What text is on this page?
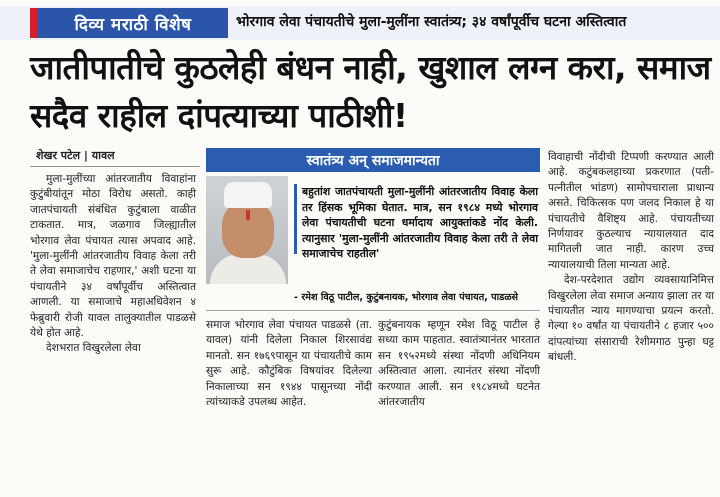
दिव्य मराठी विशेष	भोरगाव लेवा पंचायतीचे मुला-मुलींना स्वातंत्र्य; ३४ वर्षांपूर्वीच घटना अस्तित्वात
जातीपातीचे कुठलेही बंधन नाही, खुशाल लग्न करा, समाज सदैव राहील दांपत्याच्या पाठीशी!
शेखर पटेल | यावल

मुला-मुलींच्या आंतरजातीय विवाहांना कुटुंबीयांतून मोठा विरोध असतो. काही जातपंचायती संबंधित कुटुंबाला वाळीत टाकतात. मात्र, जळगाव जिल्ह्यातील भोरगाव लेवा पंचायत त्यास अपवाद आहे. 'मुला-मुलींनी आंतरजातीय विवाह केला तरी ते लेवा समाजाचेच राहणार,' अशी घटना या पंचायतीने ३४ वर्षांपूर्वीच अस्तित्वात आणली. या समाजाचे महाअधिवेशन ४ फेब्रुवारी रोजी यावल तालुक्यातील पाडळसे येथे होत आहे.

देशभरात विखुरलेला लेवा

स्वातंत्र्य अन् समाजमान्यता
बहुतांश जातपंचायती मुला-मुलींनी आंतरजातीय विवाह केला तर हिंसक भूमिका घेतात. मात्र, सन १९८४ मध्ये भोरगाव लेवा पंचायतीची घटना धर्मादाय आयुक्तांकडे नोंद केली. त्यानुसार 'मुला-मुलींनी आंतरजातीय विवाह केला तरी ते लेवा समाजाचेच राहतील'
- रमेश विठू पाटील, कुटुंबनायक, भोरगाव लेवा पंचायत, पाडळसे

समाज भोरगाव लेवा पंचायत पाडळसे (ता. यावल) यांनी दिलेला निकाल शिरसावंद्य मानतो. सन १७६९पासून या पंचायतीचे काम सुरू आहे. कौटुंबिक विषयांवर दिलेल्या निकालाच्या सन १९४४ पासूनच्या नोंदी त्यांच्याकडे उपलब्ध आहेत.

कुटुंबनायक म्हणून रमेश विठू पाटील हे सध्या काम पाहतात. स्वातंत्र्यानंतर भारतात सन १९५२मध्ये संस्था नोंदणी अधिनियम अस्तित्वात आला. त्यानंतर संस्था नोंदणी करण्यात आली. सन १९८४मध्ये घटनेत आंतरजातीय

विवाहाची नोंदीची टिप्पणी करण्यात आली आहे. कटुंबकलहाच्या प्रकरणात (पती-पत्नीतील भांडण) सामोपचाराला प्राधान्य असते. चिकित्सक पण जलद निकाल हे या पंचायतीचे वैशिष्ट्य आहे. पंचायतीच्या निर्णयावर कुठल्याच न्यायालयात दाद मागितली जात नाही. कारण उच्च न्यायालयाची तिला मान्यता आहे.

देश-परदेशात उद्योग व्यवसायानिमित्त विखुरलेला लेवा समाज अन्याय झाला तर या पंचायतीत न्याय मागण्याचा प्रयत्न करतो. गेल्या १० वर्षांत या पंचायतीने ८ हजार ५०० दांपत्यांच्या संसाराची रेशीमगाठ पुन्हा घट्ट बांधली.
